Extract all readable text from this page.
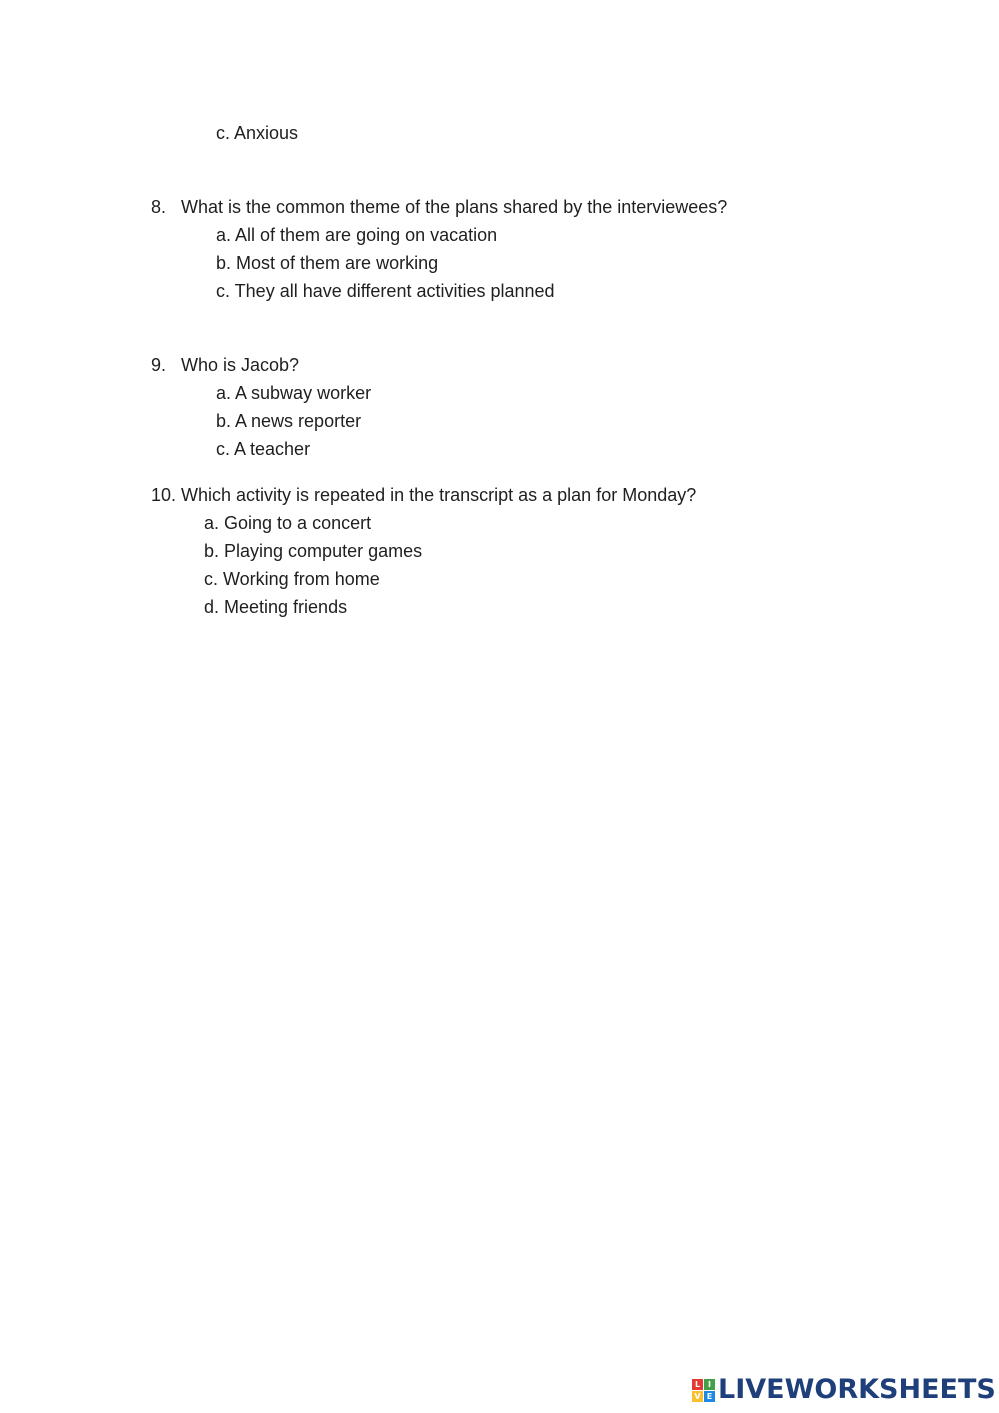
c. Anxious
8. What is the common theme of the plans shared by the interviewees?
a. All of them are going on vacation
b. Most of them are working
c. They all have different activities planned
9. Who is Jacob?
a. A subway worker
b. A news reporter
c. A teacher
10. Which activity is repeated in the transcript as a plan for Monday?
a. Going to a concert
b. Playing computer games
c. Working from home
d. Meeting friends
L I
V E LIVEWORKSHEETS
